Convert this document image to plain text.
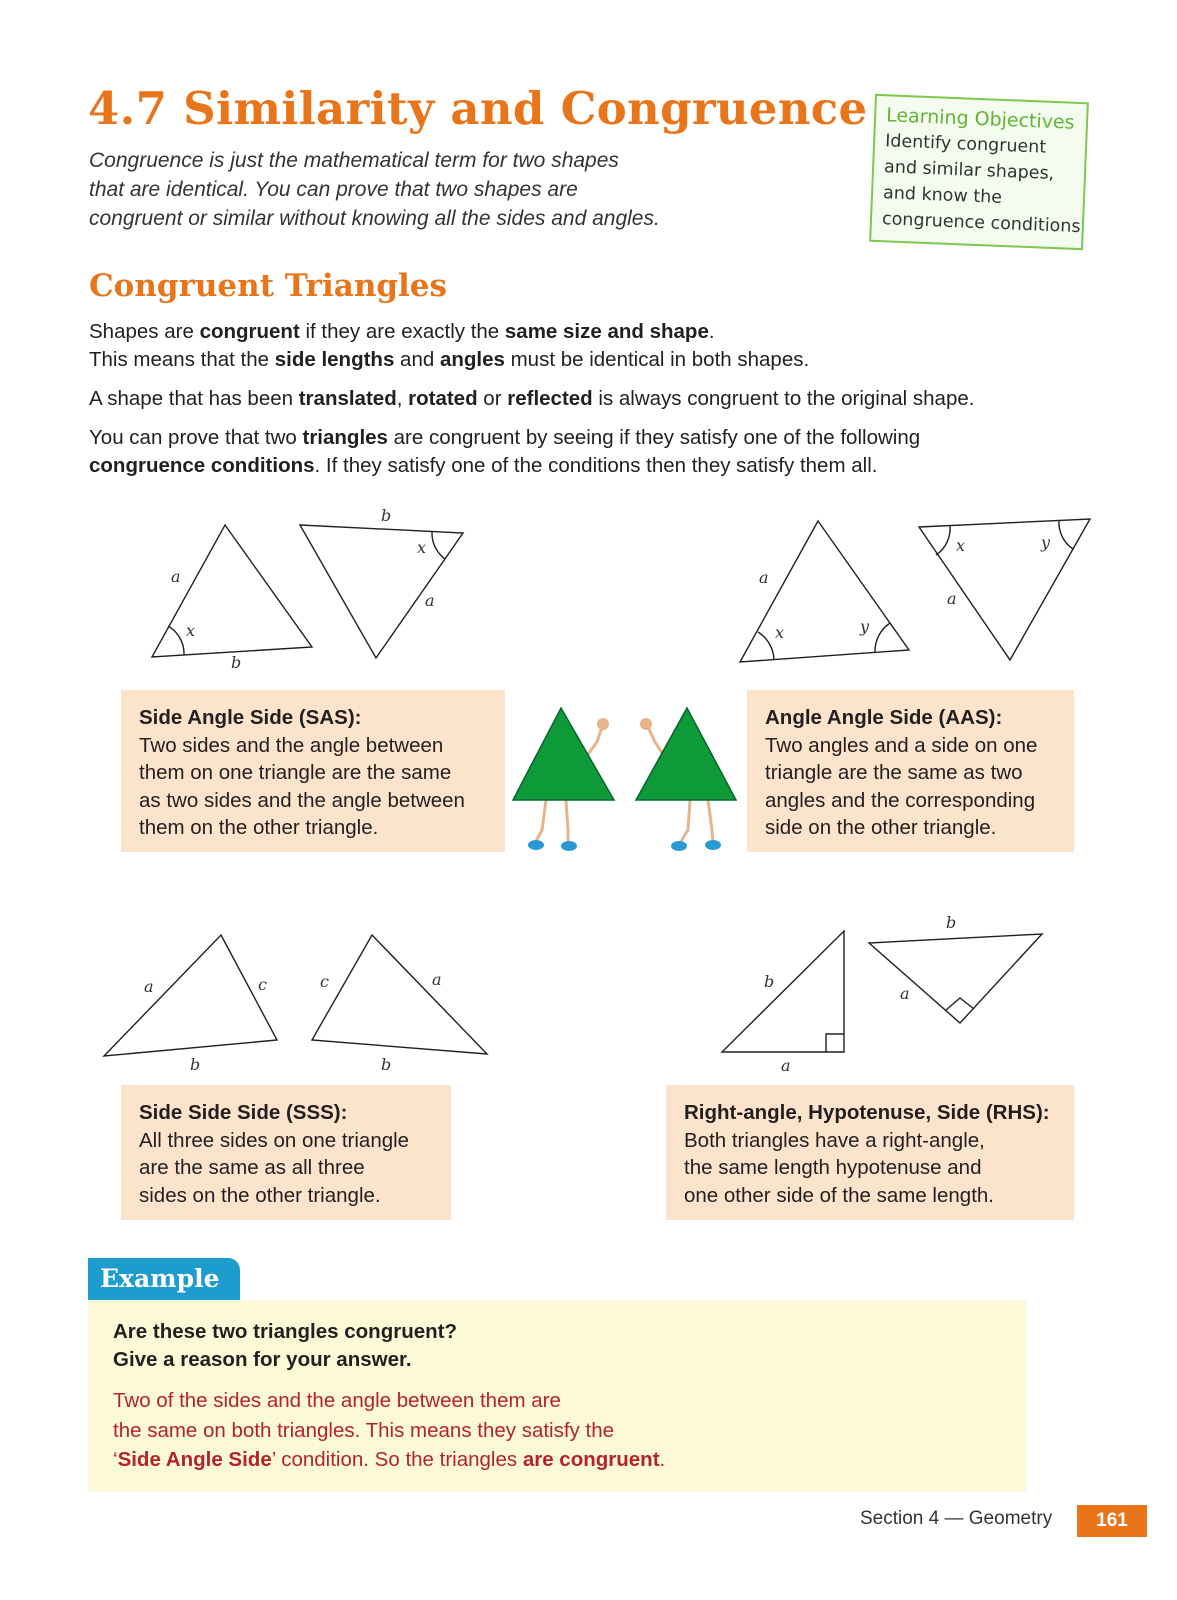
4.7 Similarity and Congruence
Congruence is just the mathematical term for two shapes
that are identical. You can prove that two shapes are
congruent or similar without knowing all the sides and angles.
Learning Objectives
Identify congruent
and similar shapes,
and know the
congruence conditions
Congruent Triangles
Shapes are congruent if they are exactly the same size and shape.
This means that the side lengths and angles must be identical in both shapes.
A shape that has been translated, rotated or reflected is always congruent to the original shape.
You can prove that two triangles are congruent by seeing if they satisfy one of the following
congruence conditions. If they satisfy one of the conditions then they satisfy them all.
a
x
b
b
x
a
a
x	y
x	y
a
a	c
b
c	a
b
b
a
b
a
Side Angle Side (SAS):
Two sides and the angle between
them on one triangle are the same
as two sides and the angle between
them on the other triangle.
Angle Angle Side (AAS):
Two angles and a side on one
triangle are the same as two
angles and the corresponding
side on the other triangle.
Side Side Side (SSS):
All three sides on one triangle
are the same as all three
sides on the other triangle.
Right-angle, Hypotenuse, Side (RHS):
Both triangles have a right-angle,
the same length hypotenuse and
one other side of the same length.
Example
Are these two triangles congruent?
Give a reason for your answer.
Two of the sides and the angle between them are
the same on both triangles. This means they satisfy the
‘Side Angle Side’ condition. So the triangles are congruent.
Section 4 — Geometry	161
